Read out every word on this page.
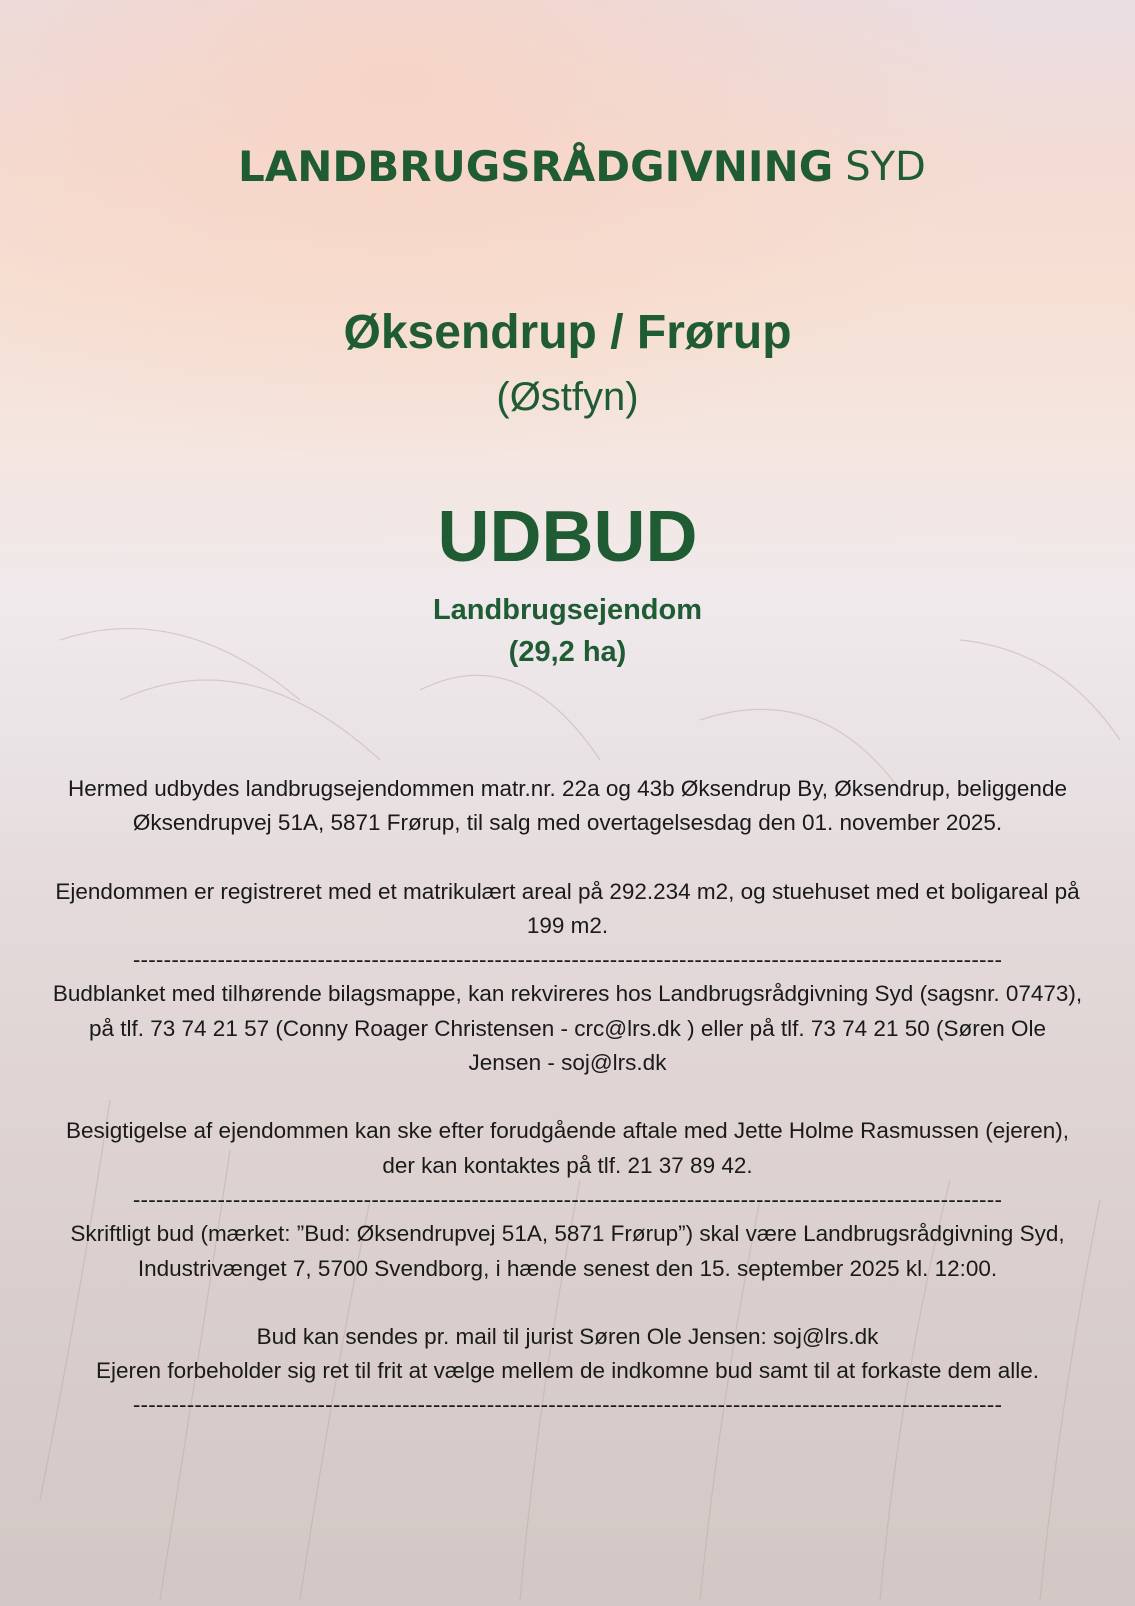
LANDBRUGSRÅDGIVNING SYD
Øksendrup / Frørup
(Østfyn)
UDBUD
Landbrugsejendom
(29,2 ha)

Hermed udbydes landbrugsejendommen matr.nr. 22a og 43b Øksendrup By, Øksendrup, beliggende Øksendrupvej 51A, 5871 Frørup, til salg med overtagelsesdag den 01. november 2025.

Ejendommen er registreret med et matrikulært areal på 292.234 m2, og stuehuset med et boligareal på 199 m2.

-----------------------------------------------------------------------------------------------------------------

Budblanket med tilhørende bilagsmappe, kan rekvireres hos Landbrugsrådgivning Syd (sagsnr. 07473), på tlf. 73 74 21 57 (Conny Roager Christensen - crc@lrs.dk ) eller på tlf. 73 74 21 50 (Søren Ole Jensen - soj@lrs.dk

Besigtigelse af ejendommen kan ske efter forudgående aftale med Jette Holme Rasmussen (ejeren), der kan kontaktes på tlf. 21 37 89 42.

-----------------------------------------------------------------------------------------------------------------

Skriftligt bud (mærket: ”Bud: Øksendrupvej 51A, 5871 Frørup”) skal være Landbrugsrådgivning Syd, Industrivænget 7, 5700 Svendborg, i hænde senest den 15. september 2025 kl. 12:00.

Bud kan sendes pr. mail til jurist Søren Ole Jensen: soj@lrs.dk

Ejeren forbeholder sig ret til frit at vælge mellem de indkomne bud samt til at forkaste dem alle.

-----------------------------------------------------------------------------------------------------------------
